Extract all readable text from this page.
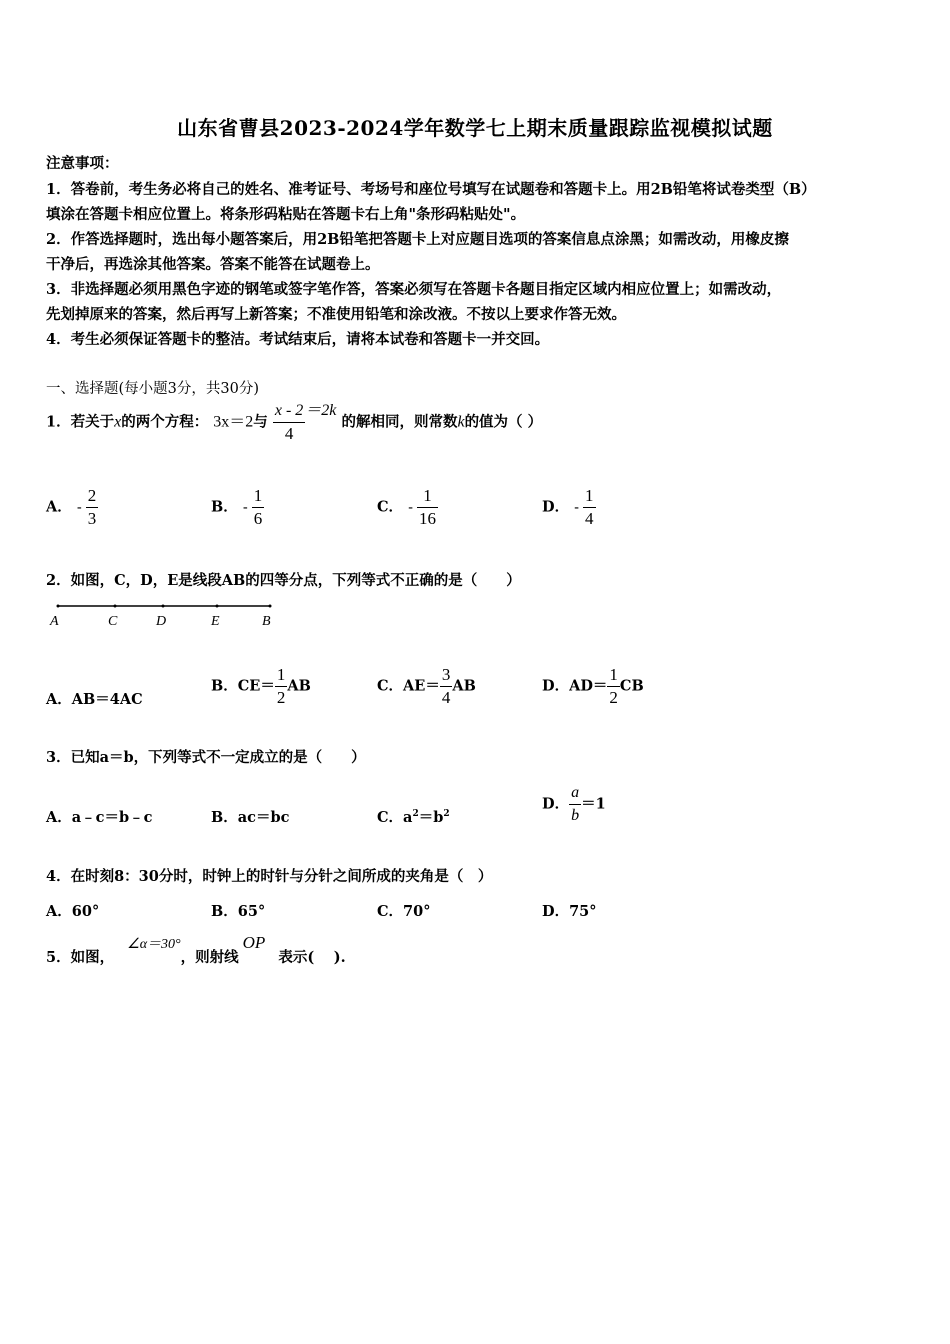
山东省曹县2023-2024学年数学七上期末质量跟踪监视模拟试题
注意事项：
1．答卷前，考生务必将自己的姓名、准考证号、考场号和座位号填写在试题卷和答题卡上。用2B铅笔将试卷类型（B）
填涂在答题卡相应位置上。将条形码粘贴在答题卡右上角"条形码粘贴处"。
2．作答选择题时，选出每小题答案后，用2B铅笔把答题卡上对应题目选项的答案信息点涂黑；如需改动，用橡皮擦
干净后，再选涂其他答案。答案不能答在试题卷上。
3．非选择题必须用黑色字迹的钢笔或签字笔作答，答案必须写在答题卡各题目指定区域内相应位置上；如需改动，
先划掉原来的答案，然后再写上新答案；不准使用铅笔和涂改液。不按以上要求作答无效。
4．考生必须保证答题卡的整洁。考试结束后，请将本试卷和答题卡一并交回。
一、选择题(每小题3分，共30分)
1．若关于x的两个方程： 3x＝2与 $\frac{x - 2}{4} =2k$ 的解相同，则常数k的值为（ ）
A． - $\frac{2}{3}$	B． - $\frac{1}{6}$	C． - $\frac{1}{16}$	D． - $\frac{1}{4}$
2．如图，C，D，E是线段AB的四等分点，下列等式不正确的是（　　）
A	C	D	E	B
A．AB＝4AC
B．$CE= \frac{1}{2}$ AB	C．$AE= \frac{3}{4}$ AB	D．$AD= \frac{1}{2}$ CB
3．已知a＝b，下列等式不一定成立的是（　　）
A．a﹣c＝b﹣c	B．ac＝bc	C．$a^2=b^2$
D． $\frac{a}{b} =1$
4．在时刻8：30分时，时钟上的时针与分针之间所成的夹角是（　）
A．60°	B．65°	C．70°	D．75°
5．如图， ∠α＝30°，则射线OP 表示(　 ).
